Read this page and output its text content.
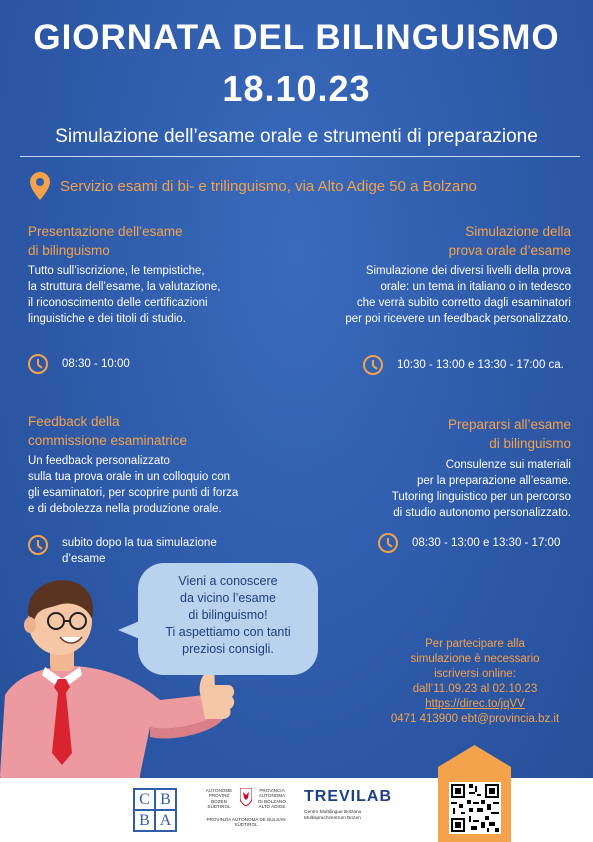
GIORNATA DEL BILINGUISMO
18.10.23
Simulazione dell’esame orale e strumenti di preparazione
Servizio esami di bi- e trilinguismo, via Alto Adige 50 a Bolzano
Presentazione dell’esame
di bilinguismo
Tutto sull’iscrizione, le tempistiche,
la struttura dell’esame, la valutazione,
il riconoscimento delle certificazioni
linguistiche e dei titoli di studio.
08:30 - 10:00
Simulazione della
prova orale d’esame
Simulazione dei diversi livelli della prova
orale: un tema in italiano o in tedesco
che verrà subito corretto dagli esaminatori
per poi ricevere un feedback personalizzato.
10:30 - 13:00 e 13:30 - 17:00 ca.
Feedback della
commissione esaminatrice
Un feedback personalizzato
sulla tua prova orale in un colloquio con
gli esaminatori, per scoprire punti di forza
e di debolezza nella produzione orale.
subito dopo la tua simulazione
d’esame
Prepararsi all’esame
di bilinguismo
Consulenze sui materiali
per la preparazione all’esame.
Tutoring linguistico per un percorso
di studio autonomo personalizzato.
08:30 - 13:00 e 13:30 - 17:00
Vieni a conoscere
da vicino l’esame
di bilinguismo!
Ti aspettiamo con tanti
preziosi consigli.	Per partecipare alla
simulazione è necessario
iscriversi online:
dall’11.09.23 al 02.10.23
https://direc.to/jqVV
0471 413900 ebt@provincia.bz.it
C B
B A
AUTONOME
PROVINZ
BOZEN
SÜDTIROL
PROVINCIA
AUTONOMA
DI BOLZANO
ALTO ADIGE
PROVINZIA AUTONOMA DE BULSAN
SÜDTIROL
TREVILAB
Centro Multilingue Bolzano
Multisprachzentrum Bozen
